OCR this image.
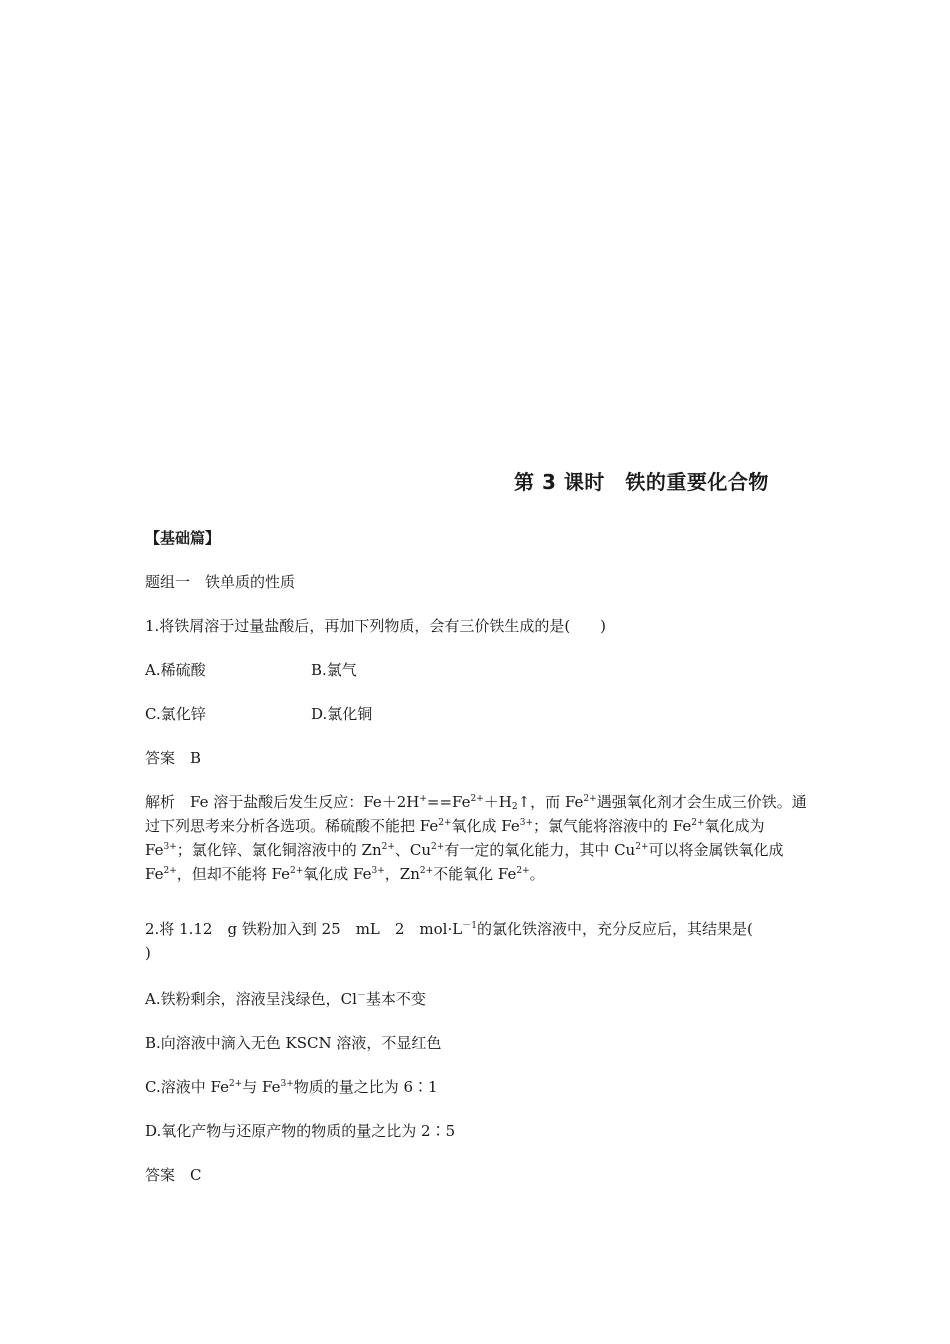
第 3 课时　铁的重要化合物
【基础篇】
题组一　铁单质的性质
1.将铁屑溶于过量盐酸后，再加下列物质，会有三价铁生成的是(　　)
A.稀硫酸	B.氯气
C.氯化锌	D.氯化铜
答案　B
解析　Fe 溶于盐酸后发生反应：$Fe+2H^+==Fe^{2+}+H_2↑$，而 $Fe^{2+}$遇强氧化剂才会生成三价铁。通过下列思考来分析各选项。稀硫酸不能把 $Fe^{2+}$氧化成 $Fe^{3+}$；氯气能将溶液中的 $Fe^{2+}$氧化成为 $Fe^{3+}$；氯化锌、氯化铜溶液中的 $Zn^{2+}$、$Cu^{2+}$有一定的氧化能力，其中 $Cu^{2+}$可以将金属铁氧化成 $Fe^{2+}$，但却不能将 $Fe^{2+}$氧化成 $Fe^{3+}$，$Zn^{2+}$不能氧化 $Fe^{2+}$。
2.将 1.12　g 铁粉加入到 25　mL　2　$mol\cdot L^{-1}$的氯化铁溶液中，充分反应后，其结果是(
)
A.铁粉剩余，溶液呈浅绿色，Cl－基本不变
B.向溶液中滴入无色 KSCN 溶液，不显红色
C.溶液中 $Fe^{2+}$与 $Fe^{3+}$物质的量之比为 6∶1
D.氧化产物与还原产物的物质的量之比为 2∶5
答案　C
